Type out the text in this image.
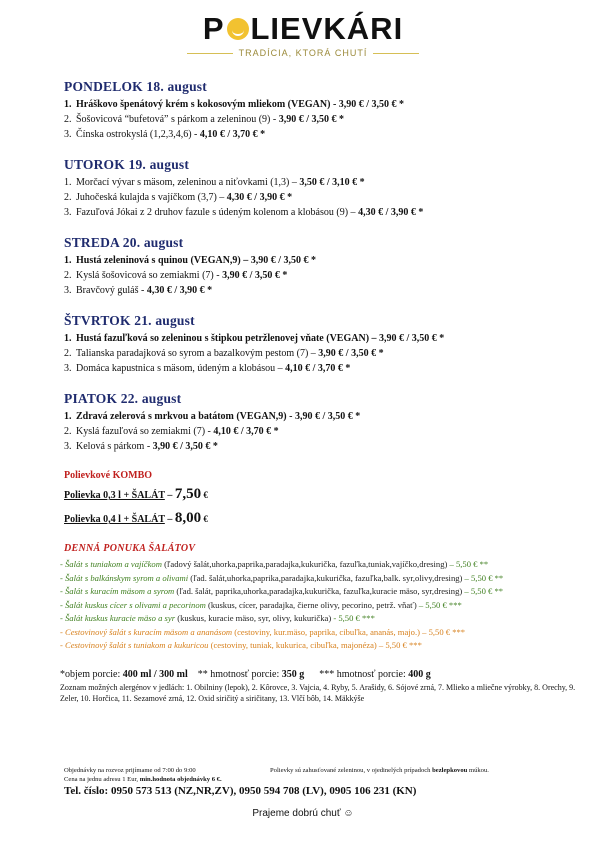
P LIEVKÁRI
TRADÍCIA, KTORÁ CHUTÍ
PONDELOK 18. august
1. Hráškovo špenátový krém s kokosovým mliekom (VEGAN) - 3,90 € / 3,50 € *
2. Šošovicová “bufetová” s párkom a zeleninou (9) - 3,90 € / 3,50 € *
3. Čínska ostrokyslá (1,2,3,4,6) - 4,10 € / 3,70 € *
UTOROK 19. august
1. Morčací vývar s mäsom, zeleninou a niťovkami (1,3) – 3,50 € / 3,10 € *
2. Juhočeská kulajda s vajíčkom (3,7) – 4,30 € / 3,90 € *
3. Fazuľová Jókai z 2 druhov fazule s údeným kolenom a klobásou (9) – 4,30 € / 3,90 € *
STREDA 20. august
1. Hustá zeleninová s quinou (VEGAN,9) – 3,90 € / 3,50 € *
2. Kyslá šošovicová so zemiakmi (7) - 3,90 € / 3,50 € *
3. Bravčový guláš - 4,30 € / 3,90 € *
ŠTVRTOK 21. august
1. Hustá fazuľková so zeleninou s štipkou petržlenovej vňate (VEGAN) – 3,90 € / 3,50 € *
2. Talianska paradajková so syrom a bazalkovým pestom (7) – 3,90 € / 3,50 € *
3. Domáca kapustnica s mäsom, údeným a klobásou – 4,10 € / 3,70 € *
PIATOK 22. august
1. Zdravá zelerová s mrkvou a batátom (VEGAN,9) - 3,90 € / 3,50 € *
2. Kyslá fazuľová so zemiakmi (7) - 4,10 € / 3,70 € *
3. Kelová s párkom - 3,90 € / 3,50 € *
Polievkové KOMBO
Polievka 0,3 l + ŠALÁT – 7,50 €
Polievka 0,4 l + ŠALÁT – 8,00 €
DENNÁ PONUKA ŠALÁTOV
- Šalát s tuniakom a vajíčkom (ľadový šalát,uhorka,paprika,paradajka,kukurička, fazuľka,tuniak,vajíčko,dresing) – 5,50 € **
- Šalát s balkánskym syrom a olivami (ľad. šalát,uhorka,paprika,paradajka,kukurička, fazuľka,balk. syr,olivy,dresing) – 5,50 € **
- Šalát s kuracím mäsom a syrom (ľad. šalát, paprika,uhorka,paradajka,kukurička, fazuľka,kuracie mäso, syr,dresing) – 5,50 € **
- Šalát kuskus cícer s olivami a pecorinom (kuskus, cícer, paradajka, čierne olivy, pecorino, petrž. vňať) – 5,50 € ***
- Šalát kuskus kuracie mäso a syr (kuskus, kuracie mäso, syr, olivy, kukurička) - 5,50 € ***
- Cestovinový šalát s kuracím mäsom a ananásom (cestoviny, kur.mäso, paprika, cibuľka, ananás, majo.) – 5,50 € ***
- Cestovinový šalát s tuniakom a kukuricou (cestoviny, tuniak, kukurica, cibuľka, majonéza) – 5,50 € ***
*objem porcie: 400 ml / 300 ml ** hmotnosť porcie: 350 g *** hmotnosť porcie: 400 g
Zoznam možných alergénov v jedlách: 1. Obilniny (lepok), 2. Kôrovce, 3. Vajcia, 4. Ryby, 5. Arašidy, 6. Sójové zrná, 7. Mlieko a mliečne výrobky, 8. Orechy, 9. Zeler, 10. Horčica, 11. Sezamové zrná, 12. Oxid siričitý a siričitany, 13. Vlčí bôb, 14. Mäkkýše
Objednávky na rozvoz prijímame od 7:00 do 9:00
Cena na jednu adresu 1 Eur, min.hodnota objednávky 6 €.
Polievky sú zahusťované zeleninou, v ojedinelých prípadoch bezlepkovou múkou.
Tel. číslo: 0950 573 513 (NZ,NR,ZV), 0950 594 708 (LV), 0905 106 231 (KN)
Prajeme dobrú chuť ☺
